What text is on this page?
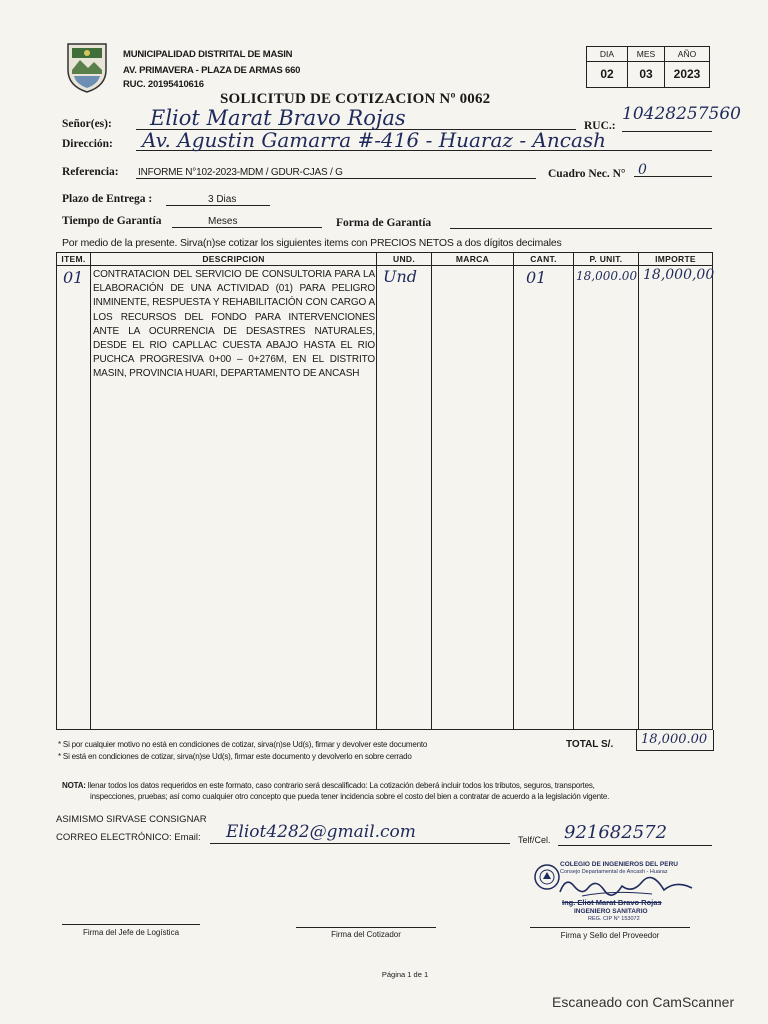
MUNICIPALIDAD DISTRITAL DE MASIN
AV. PRIMAVERA - PLAZA DE ARMAS 660
RUC. 20195410616
DIA	MES	AÑO
02	03	2023
SOLICITUD DE COTIZACION Nº 0062
Señor(es): Eliot Marat Bravo Rojas	RUC.:
10428257560
Dirección: Av. Agustin Gamarra #-416 - Huaraz - Ancash
Referencia: INFORME N°102-2023-MDM / GDUR-CJAS / G	Cuadro Nec. N° 0
Plazo de Entrega :	3 Dias
Tiempo de Garantía	Meses	Forma de Garantía
Por medio de la presente. Sirva(n)se cotizar los siguientes items con PRECIOS NETOS a dos dígitos decimales
ITEM.	DESCRIPCION	UND.	MARCA	CANT.	P. UNIT.	IMPORTE

01	CONTRATACION DEL SERVICIO DE CONSULTORIA PARA LA ELABORACIÓN DE UNA ACTIVIDAD (01) PARA PELIGRO INMINENTE, RESPUESTA Y REHABILITACIÓN CON CARGO A LOS RECURSOS DEL FONDO PARA INTERVENCIONES ANTE LA OCURRENCIA DE DESASTRES NATURALES, DESDE EL RIO CAPLLAC CUESTA ABAJO HASTA EL RIO PUCHCA PROGRESIVA 0+00 – 0+276M, EN EL DISTRITO MASIN, PROVINCIA HUARI, DEPARTAMENTO DE ANCASH	Und		01	18,000.00	18,000,00
TOTAL S/.	18,000.00
* Si por cualquier motivo no está en condiciones de cotizar, sirva(n)se Ud(s), firmar y devolver este documento
* Si está en condiciones de cotizar, sirva(n)se Ud(s), firmar este documento y devolverlo en sobre cerrado
NOTA: llenar todos los datos requeridos en este formato, caso contrario será descalificado: La cotización deberá incluir todos los tributos, seguros, transportes,
inspecciones, pruebas; así como cualquier otro concepto que pueda tener incidencia sobre el costo del bien a contratar de acuerdo a la legislación vigente.
ASIMISMO SIRVASE CONSIGNAR
CORREO ELECTRÓNICO: Email: Eliot4282@gmail.com	Telf/Cel. 921682572
COLEGIO DE INGENIEROS DEL PERU
Consejo Departamental de Ancash - Huaraz
Ing. Eliot Marat Bravo Rojas
INGENIERO SANITARIO
REG. CIP N° 153072
Firma del Jefe de Logística	Firma del Cotizador	Firma y Sello del Proveedor
Página 1 de 1
Escaneado con CamScanner
